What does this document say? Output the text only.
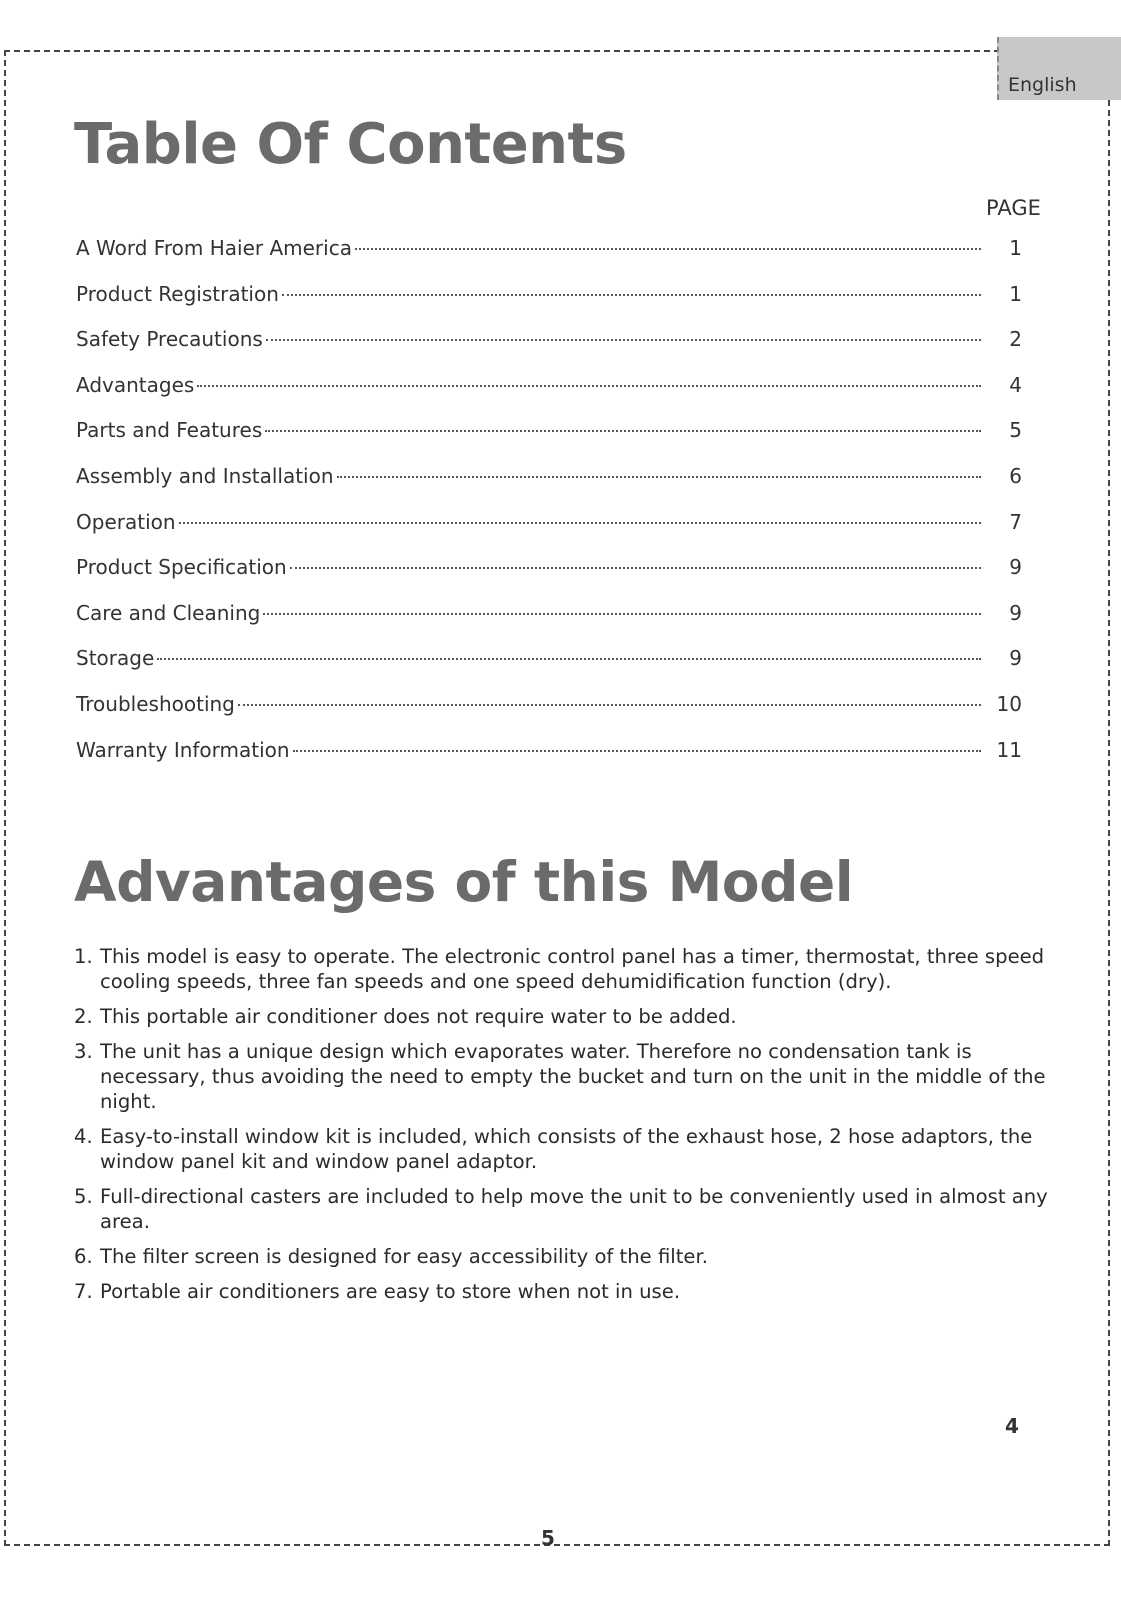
English
Table Of Contents
PAGE
A Word From Haier America	1
Product Registration	1
Safety Precautions	2
Advantages	4
Parts and Features	5
Assembly and Installation	6
Operation	7
Product Specification	9
Care and Cleaning	9
Storage	9
Troubleshooting	10
Warranty Information	11
Advantages of this Model
1. This model is easy to operate. The electronic control panel has a timer, thermostat, three speed cooling speeds, three fan speeds and one speed dehumidification function (dry).
2. This portable air conditioner does not require water to be added.
3. The unit has a unique design which evaporates water. Therefore no condensation tank is necessary, thus avoiding the need to empty the bucket and turn on the unit in the middle of the night.
4. Easy-to-install window kit is included, which consists of the exhaust hose, 2 hose adaptors, the window panel kit and window panel adaptor.
5. Full-directional casters are included to help move the unit to be conveniently used in almost any area.
6. The filter screen is designed for easy accessibility of the filter.
7. Portable air conditioners are easy to store when not in use.
4
5
